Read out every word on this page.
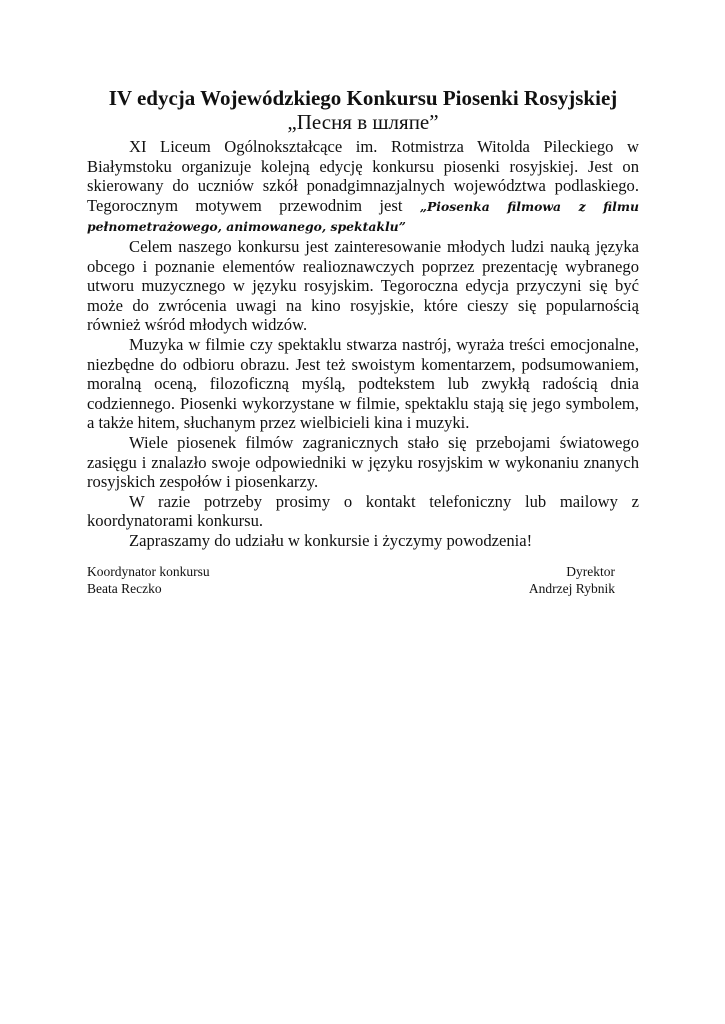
IV edycja Wojewódzkiego Konkursu Piosenki Rosyjskiej
„Песня в шляпе”

XI Liceum Ogólnokształcące im. Rotmistrza Witolda Pileckiego w Białymstoku organizuje kolejną edycję konkursu piosenki rosyjskiej. Jest on skierowany do uczniów szkół ponadgimnazjalnych województwa podlaskiego. Tegorocznym motywem przewodnim jest „Piosenka filmowa z filmu pełnometrażowego, animowanego, spektaklu”

Celem naszego konkursu jest zainteresowanie młodych ludzi nauką języka obcego i poznanie elementów realioznawczych poprzez prezentację wybranego utworu muzycznego w języku rosyjskim. Tegoroczna edycja przyczyni się być może do zwrócenia uwagi na kino rosyjskie, które cieszy się popularnością również wśród młodych widzów.

Muzyka w filmie czy spektaklu stwarza nastrój, wyraża treści emocjonalne, niezbędne do odbioru obrazu. Jest też swoistym komentarzem, podsumowaniem, moralną oceną, filozoficzną myślą, podtekstem lub zwykłą radością dnia codziennego. Piosenki wykorzystane w filmie, spektaklu stają się jego symbolem, a także hitem, słuchanym przez wielbicieli kina i muzyki.

Wiele piosenek filmów zagranicznych stało się przebojami światowego zasięgu i znalazło swoje odpowiedniki w języku rosyjskim w wykonaniu znanych rosyjskich zespołów i piosenkarzy.

W razie potrzeby prosimy o kontakt telefoniczny lub mailowy z koordynatorami konkursu.

Zapraszamy do udziału w konkursie i życzymy powodzenia!

Koordynator konkursu
Beata Reczko
Dyrektor
Andrzej Rybnik
